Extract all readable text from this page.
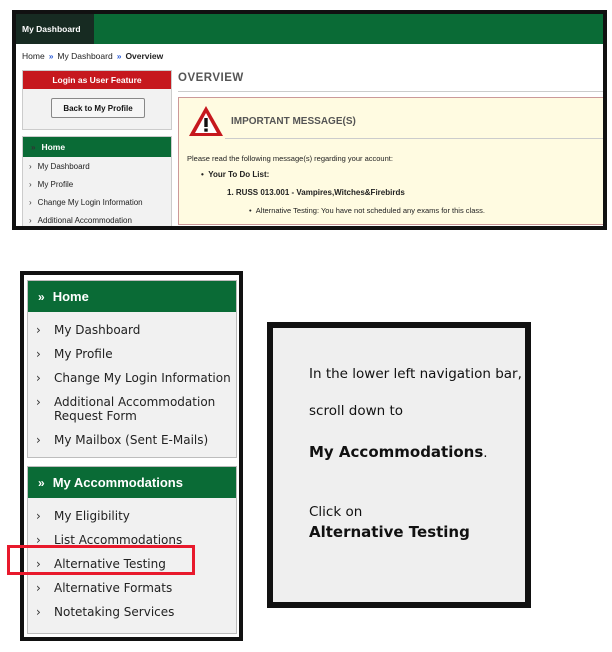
My Dashboard
Home » My Dashboard » Overview
Login as User Feature
Back to My Profile
» Home
› My Dashboard
› My Profile
› Change My Login Information
› Additional Accommodation
OVERVIEW
IMPORTANT MESSAGE(S)
Please read the following message(s) regarding your account:
•  Your To Do List:
1. RUSS 013.001 - Vampires,Witches&Firebirds
•  Alternative Testing: You have not scheduled any exams for this class.
» Home
›	My Dashboard
›	My Profile
›	Change My Login Information
›	Additional Accommodation Request Form
›	My Mailbox (Sent E-Mails)
» My Accommodations
›	My Eligibility
›	List Accommodations
›	Alternative Testing
›	Alternative Formats
›	Notetaking Services
In the lower left navigation bar,
scroll down to
My Accommodations.
Click on
Alternative Testing
